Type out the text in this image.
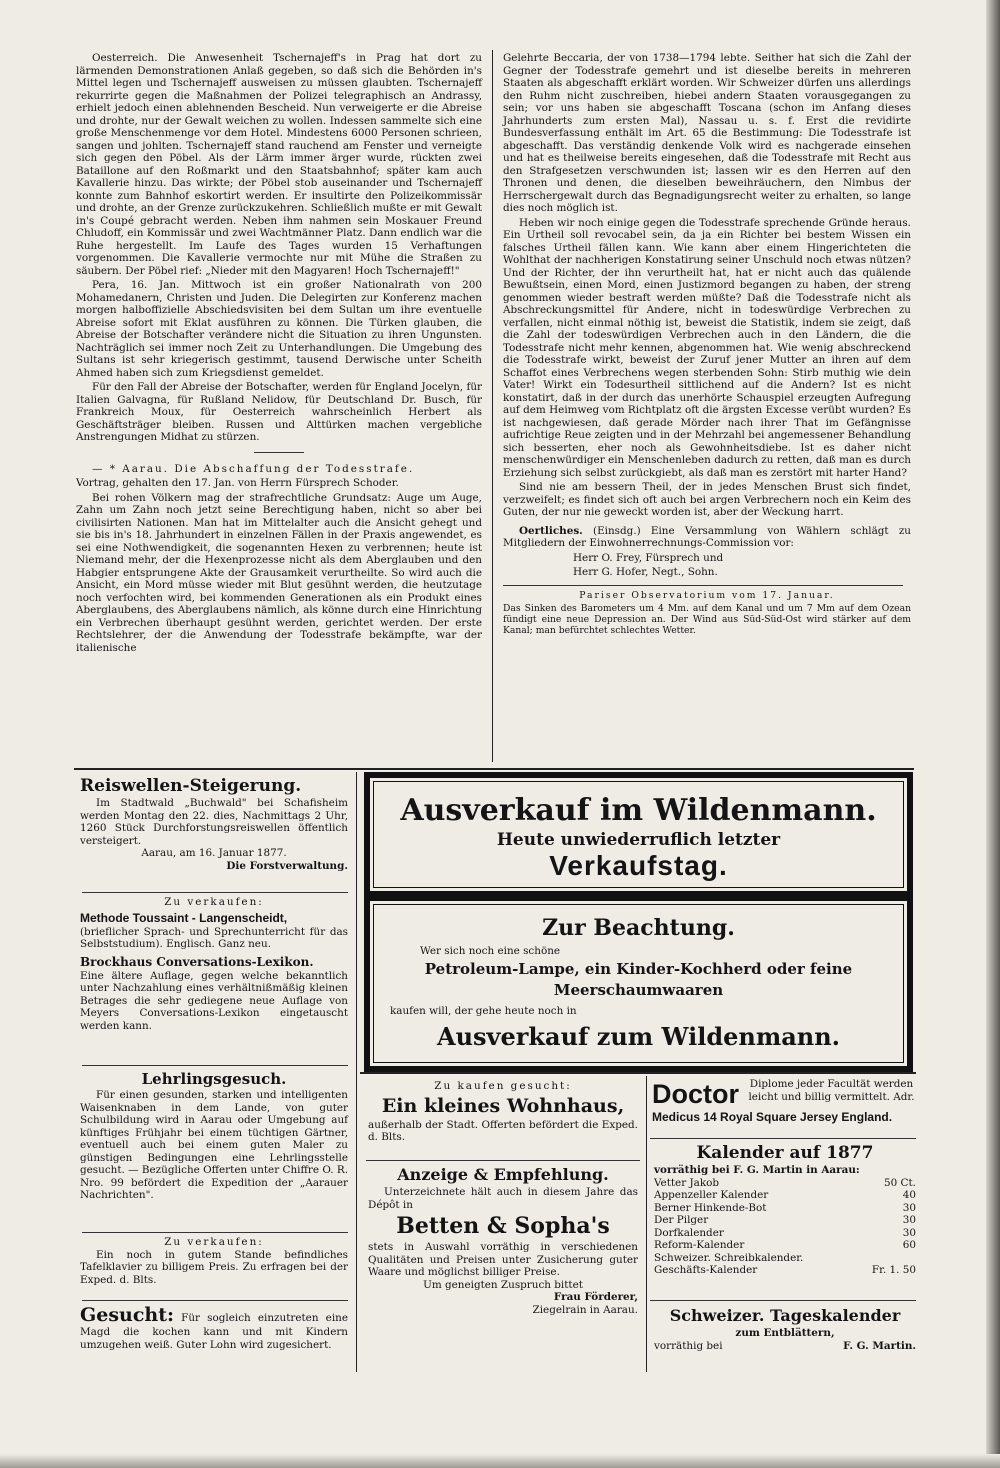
Oesterreich. Die Anwesenheit Tschernajeff's in Prag hat dort zu lärmenden Demonstrationen Anlaß gegeben, so daß sich die Behörden in's Mittel legen und Tschernajeff ausweisen zu müssen glaubten. Tschernajeff rekurrirte gegen die Maßnahmen der Polizei telegraphisch an Andrassy, erhielt jedoch einen ablehnenden Bescheid. Nun verweigerte er die Abreise und drohte, nur der Gewalt weichen zu wollen. Indessen sammelte sich eine große Menschenmenge vor dem Hotel. Mindestens 6000 Personen schrieen, sangen und johlten. Tschernajeff stand rauchend am Fenster und verneigte sich gegen den Pöbel. Als der Lärm immer ärger wurde, rückten zwei Bataillone auf den Roßmarkt und den Staatsbahnhof; später kam auch Kavallerie hinzu. Das wirkte; der Pöbel stob auseinander und Tschernajeff konnte zum Bahnhof eskortirt werden. Er insultirte den Polizeikommissär und drohte, an der Grenze zurückzukehren. Schließlich mußte er mit Gewalt in's Coupé gebracht werden. Neben ihm nahmen sein Moskauer Freund Chludoff, ein Kommissär und zwei Wachtmänner Platz. Dann endlich war die Ruhe hergestellt. Im Laufe des Tages wurden 15 Verhaftungen vorgenommen. Die Kavallerie vermochte nur mit Mühe die Straßen zu säubern. Der Pöbel rief: „Nieder mit den Magyaren! Hoch Tschernajeff!"

Pera, 16. Jan. Mittwoch ist ein großer Nationalrath von 200 Mohamedanern, Christen und Juden. Die Delegirten zur Konferenz machen morgen halboffizielle Abschiedsvisiten bei dem Sultan um ihre eventuelle Abreise sofort mit Eklat ausführen zu können. Die Türken glauben, die Abreise der Botschafter verändere nicht die Situation zu ihren Ungunsten. Nachträglich sei immer noch Zeit zu Unterhandlungen. Die Umgebung des Sultans ist sehr kriegerisch gestimmt, tausend Derwische unter Scheith Ahmed haben sich zum Kriegsdienst gemeldet.

Für den Fall der Abreise der Botschafter, werden für England Jocelyn, für Italien Galvagna, für Rußland Nelidow, für Deutschland Dr. Busch, für Frankreich Moux, für Oesterreich wahrscheinlich Herbert als Geschäftsträger bleiben. Russen und Alttürken machen vergebliche Anstrengungen Midhat zu stürzen.

— * Aarau. Die Abschaffung der Todesstrafe.

Vortrag, gehalten den 17. Jan. von Herrn Fürsprech Schoder.

Bei rohen Völkern mag der strafrechtliche Grundsatz: Auge um Auge, Zahn um Zahn noch jetzt seine Berechtigung haben, nicht so aber bei civilisirten Nationen. Man hat im Mittelalter auch die Ansicht gehegt und sie bis in's 18. Jahrhundert in einzelnen Fällen in der Praxis angewendet, es sei eine Nothwendigkeit, die sogenannten Hexen zu verbrennen; heute ist Niemand mehr, der die Hexenprozesse nicht als dem Aberglauben und den Habgier entsprungene Akte der Grausamkeit verurtheilte. So wird auch die Ansicht, ein Mord müsse wieder mit Blut gesühnt werden, die heutzutage noch verfochten wird, bei kommenden Generationen als ein Produkt eines Aberglaubens, des Aberglaubens nämlich, als könne durch eine Hinrichtung ein Verbrechen überhaupt gesühnt werden, gerichtet werden. Der erste Rechtslehrer, der die Anwendung der Todesstrafe bekämpfte, war der italienische

Gelehrte Beccaria, der von 1738—1794 lebte. Seither hat sich die Zahl der Gegner der Todesstrafe gemehrt und ist dieselbe bereits in mehreren Staaten als abgeschafft erklärt worden. Wir Schweizer dürfen uns allerdings den Ruhm nicht zuschreiben, hiebei andern Staaten vorausgegangen zu sein; vor uns haben sie abgeschafft Toscana (schon im Anfang dieses Jahrhunderts zum ersten Mal), Nassau u. s. f. Erst die revidirte Bundesverfassung enthält im Art. 65 die Bestimmung: Die Todesstrafe ist abgeschafft. Das verständig denkende Volk wird es nachgerade einsehen und hat es theilweise bereits eingesehen, daß die Todesstrafe mit Recht aus den Strafgesetzen verschwunden ist; lassen wir es den Herren auf den Thronen und denen, die dieselben beweihräuchern, den Nimbus der Herrschergewalt durch das Begnadigungsrecht weiter zu erhalten, so lange dies noch möglich ist.

Heben wir noch einige gegen die Todesstrafe sprechende Gründe heraus. Ein Urtheil soll revocabel sein, da ja ein Richter bei bestem Wissen ein falsches Urtheil fällen kann. Wie kann aber einem Hingerichteten die Wohlthat der nachherigen Konstatirung seiner Unschuld noch etwas nützen? Und der Richter, der ihn verurtheilt hat, hat er nicht auch das quälende Bewußtsein, einen Mord, einen Justizmord begangen zu haben, der streng genommen wieder bestraft werden müßte? Daß die Todesstrafe nicht als Abschreckungsmittel für Andere, nicht in todeswürdige Verbrechen zu verfallen, nicht einmal nöthig ist, beweist die Statistik, indem sie zeigt, daß die Zahl der todeswürdigen Verbrechen auch in den Ländern, die die Todesstrafe nicht mehr kennen, abgenommen hat. Wie wenig abschreckend die Todesstrafe wirkt, beweist der Zuruf jener Mutter an ihren auf dem Schaffot eines Verbrechens wegen sterbenden Sohn: Stirb muthig wie dein Vater! Wirkt ein Todesurtheil sittlichend auf die Andern? Ist es nicht konstatirt, daß in der durch das unerhörte Schauspiel erzeugten Aufregung auf dem Heimweg vom Richtplatz oft die ärgsten Excesse verübt wurden? Es ist nachgewiesen, daß gerade Mörder nach ihrer That im Gefängnisse aufrichtige Reue zeigten und in der Mehrzahl bei angemessener Behandlung sich besserten, eher noch als Gewohnheitsdiebe. Ist es daher nicht menschenwürdiger ein Menschenleben dadurch zu retten, daß man es durch Erziehung sich selbst zurückgiebt, als daß man es zerstört mit harter Hand?

Sind nie am bessern Theil, der in jedes Menschen Brust sich findet, verzweifelt; es findet sich oft auch bei argen Verbrechern noch ein Keim des Guten, der nur nie geweckt worden ist, aber der Weckung harrt.

Oertliches. (Einsdg.) Eine Versammlung von Wählern schlägt zu Mitgliedern der Einwohnerrechnungs-Commission vor:

Herr O. Frey, Fürsprech und

Herr G. Hofer, Negt., Sohn.

Pariser Observatorium vom 17. Januar.

Das Sinken des Barometers um 4 Mm. auf dem Kanal und um 7 Mm auf dem Ozean fündigt eine neue Depression an. Der Wind aus Süd-Süd-Ost wird stärker auf dem Kanal; man befürchtet schlechtes Wetter.

Reiswellen-Steigerung.

Im Stadtwald „Buchwald" bei Schafisheim werden Montag den 22. dies, Nachmittags 2 Uhr, 1260 Stück Durchforstungsreiswellen öffentlich versteigert.

Aarau, am 16. Januar 1877.

Die Forstverwaltung.

Zu verkaufen:

Methode Toussaint - Langenscheidt,

(brieflicher Sprach- und Sprechunterricht für das Selbststudium). Englisch. Ganz neu.

Brockhaus Conversations-Lexikon.

Eine ältere Auflage, gegen welche bekanntlich unter Nachzahlung eines verhältnißmäßig kleinen Betrages die sehr gediegene neue Auflage von Meyers Conversations-Lexikon eingetauscht werden kann.

Lehrlingsgesuch.

Für einen gesunden, starken und intelligenten Waisenknaben in dem Lande, von guter Schulbildung wird in Aarau oder Umgebung auf künftiges Frühjahr bei einem tüchtigen Gärtner, eventuell auch bei einem guten Maler zu günstigen Bedingungen eine Lehrlingsstelle gesucht. — Bezügliche Offerten unter Chiffre O. R. Nro. 99 befördert die Expedition der „Aarauer Nachrichten".

Zu verkaufen:

Ein noch in gutem Stande befindliches Tafelklavier zu billigem Preis. Zu erfragen bei der Exped. d. Blts.

Gesucht: Für sogleich einzutreten eine Magd die kochen kann und mit Kindern umzugehen weiß. Guter Lohn wird zugesichert.

Ausverkauf im Wildenmann.
Heute unwiederruflich letzter
Verkaufstag.
Zur Beachtung.
Wer sich noch eine schöne
Petroleum-Lampe, ein Kinder-Kochherd oder feine Meerschaumwaaren
kaufen will, der gehe heute noch in
Ausverkauf zum Wildenmann.

Zu kaufen gesucht:

Ein kleines Wohnhaus,

außerhalb der Stadt. Offerten befördert die Exped. d. Blts.

Anzeige & Empfehlung.

Unterzeichnete hält auch in diesem Jahre das Dépôt in

Betten & Sopha's

stets in Auswahl vorräthig in verschiedenen Qualitäten und Preisen unter Zusicherung guter Waare und möglichst billiger Preise.

Um geneigten Zuspruch bittet

Frau Förderer,

Ziegelrain in Aarau.

Doctor	Diplome jeder Facultät werden leicht und billig vermittelt. Adr.

Medicus 14 Royal Square Jersey England.

Kalender auf 1877

vorräthig bei F. G. Martin in Aarau:

Vetter Jakob	50 Ct.
Appenzeller Kalender	40
Berner Hinkende-Bot	30
Der Pilger	30
Dorfkalender	30
Reform-Kalender	60

Schweizer. Schreibkalender.

Geschäfts-Kalender	Fr. 1. 50

Schweizer. Tageskalender

zum Entblättern,

vorräthig bei	F. G. Martin.
